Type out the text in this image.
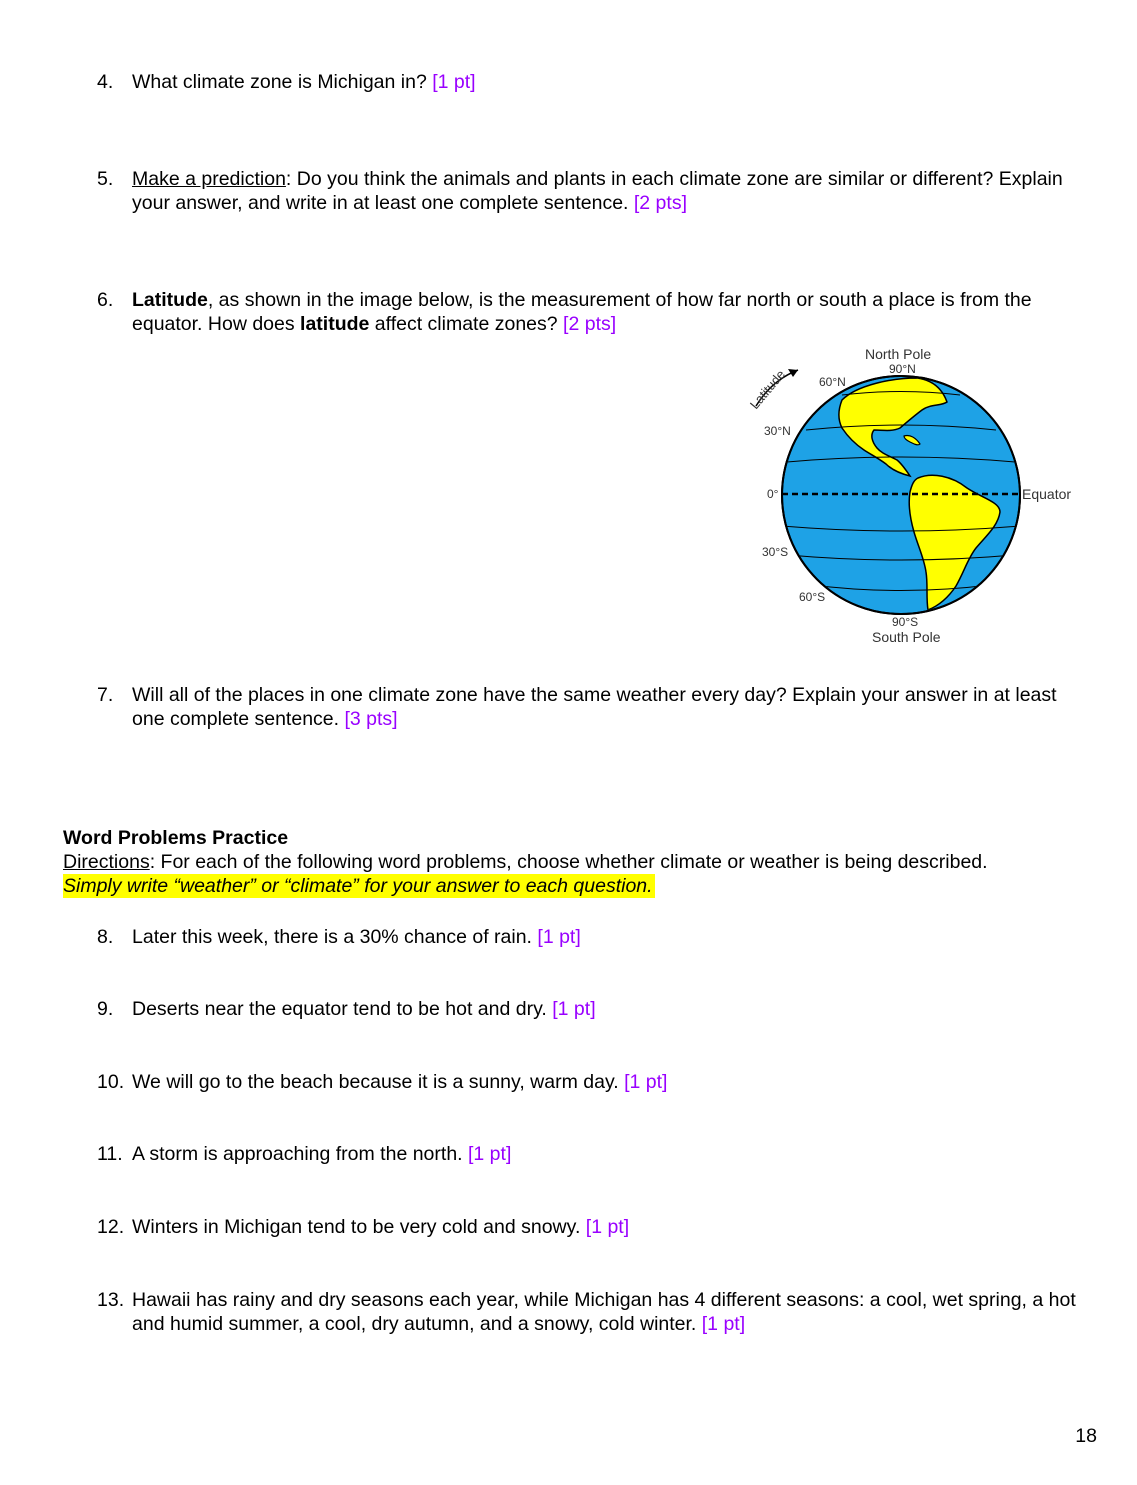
4. What climate zone is Michigan in? [1 pt]
5. Make a prediction: Do you think the animals and plants in each climate zone are similar or different? Explain your answer, and write in at least one complete sentence. [2 pts]
6. Latitude, as shown in the image below, is the measurement of how far north or south a place is from the equator. How does latitude affect climate zones? [2 pts]
Latitude
North Pole
90°N
60°N
30°N
0°	Equator
30°S
60°S
90°S
South Pole
7. Will all of the places in one climate zone have the same weather every day? Explain your answer in at least one complete sentence. [3 pts]
Word Problems Practice
Directions: For each of the following word problems, choose whether climate or weather is being described.
Simply write “weather” or “climate” for your answer to each question.
8. Later this week, there is a 30% chance of rain. [1 pt]
9. Deserts near the equator tend to be hot and dry. [1 pt]
10. We will go to the beach because it is a sunny, warm day. [1 pt]
11. A storm is approaching from the north. [1 pt]
12. Winters in Michigan tend to be very cold and snowy. [1 pt]
13. Hawaii has rainy and dry seasons each year, while Michigan has 4 different seasons: a cool, wet spring, a hot and humid summer, a cool, dry autumn, and a snowy, cold winter. [1 pt]
18
